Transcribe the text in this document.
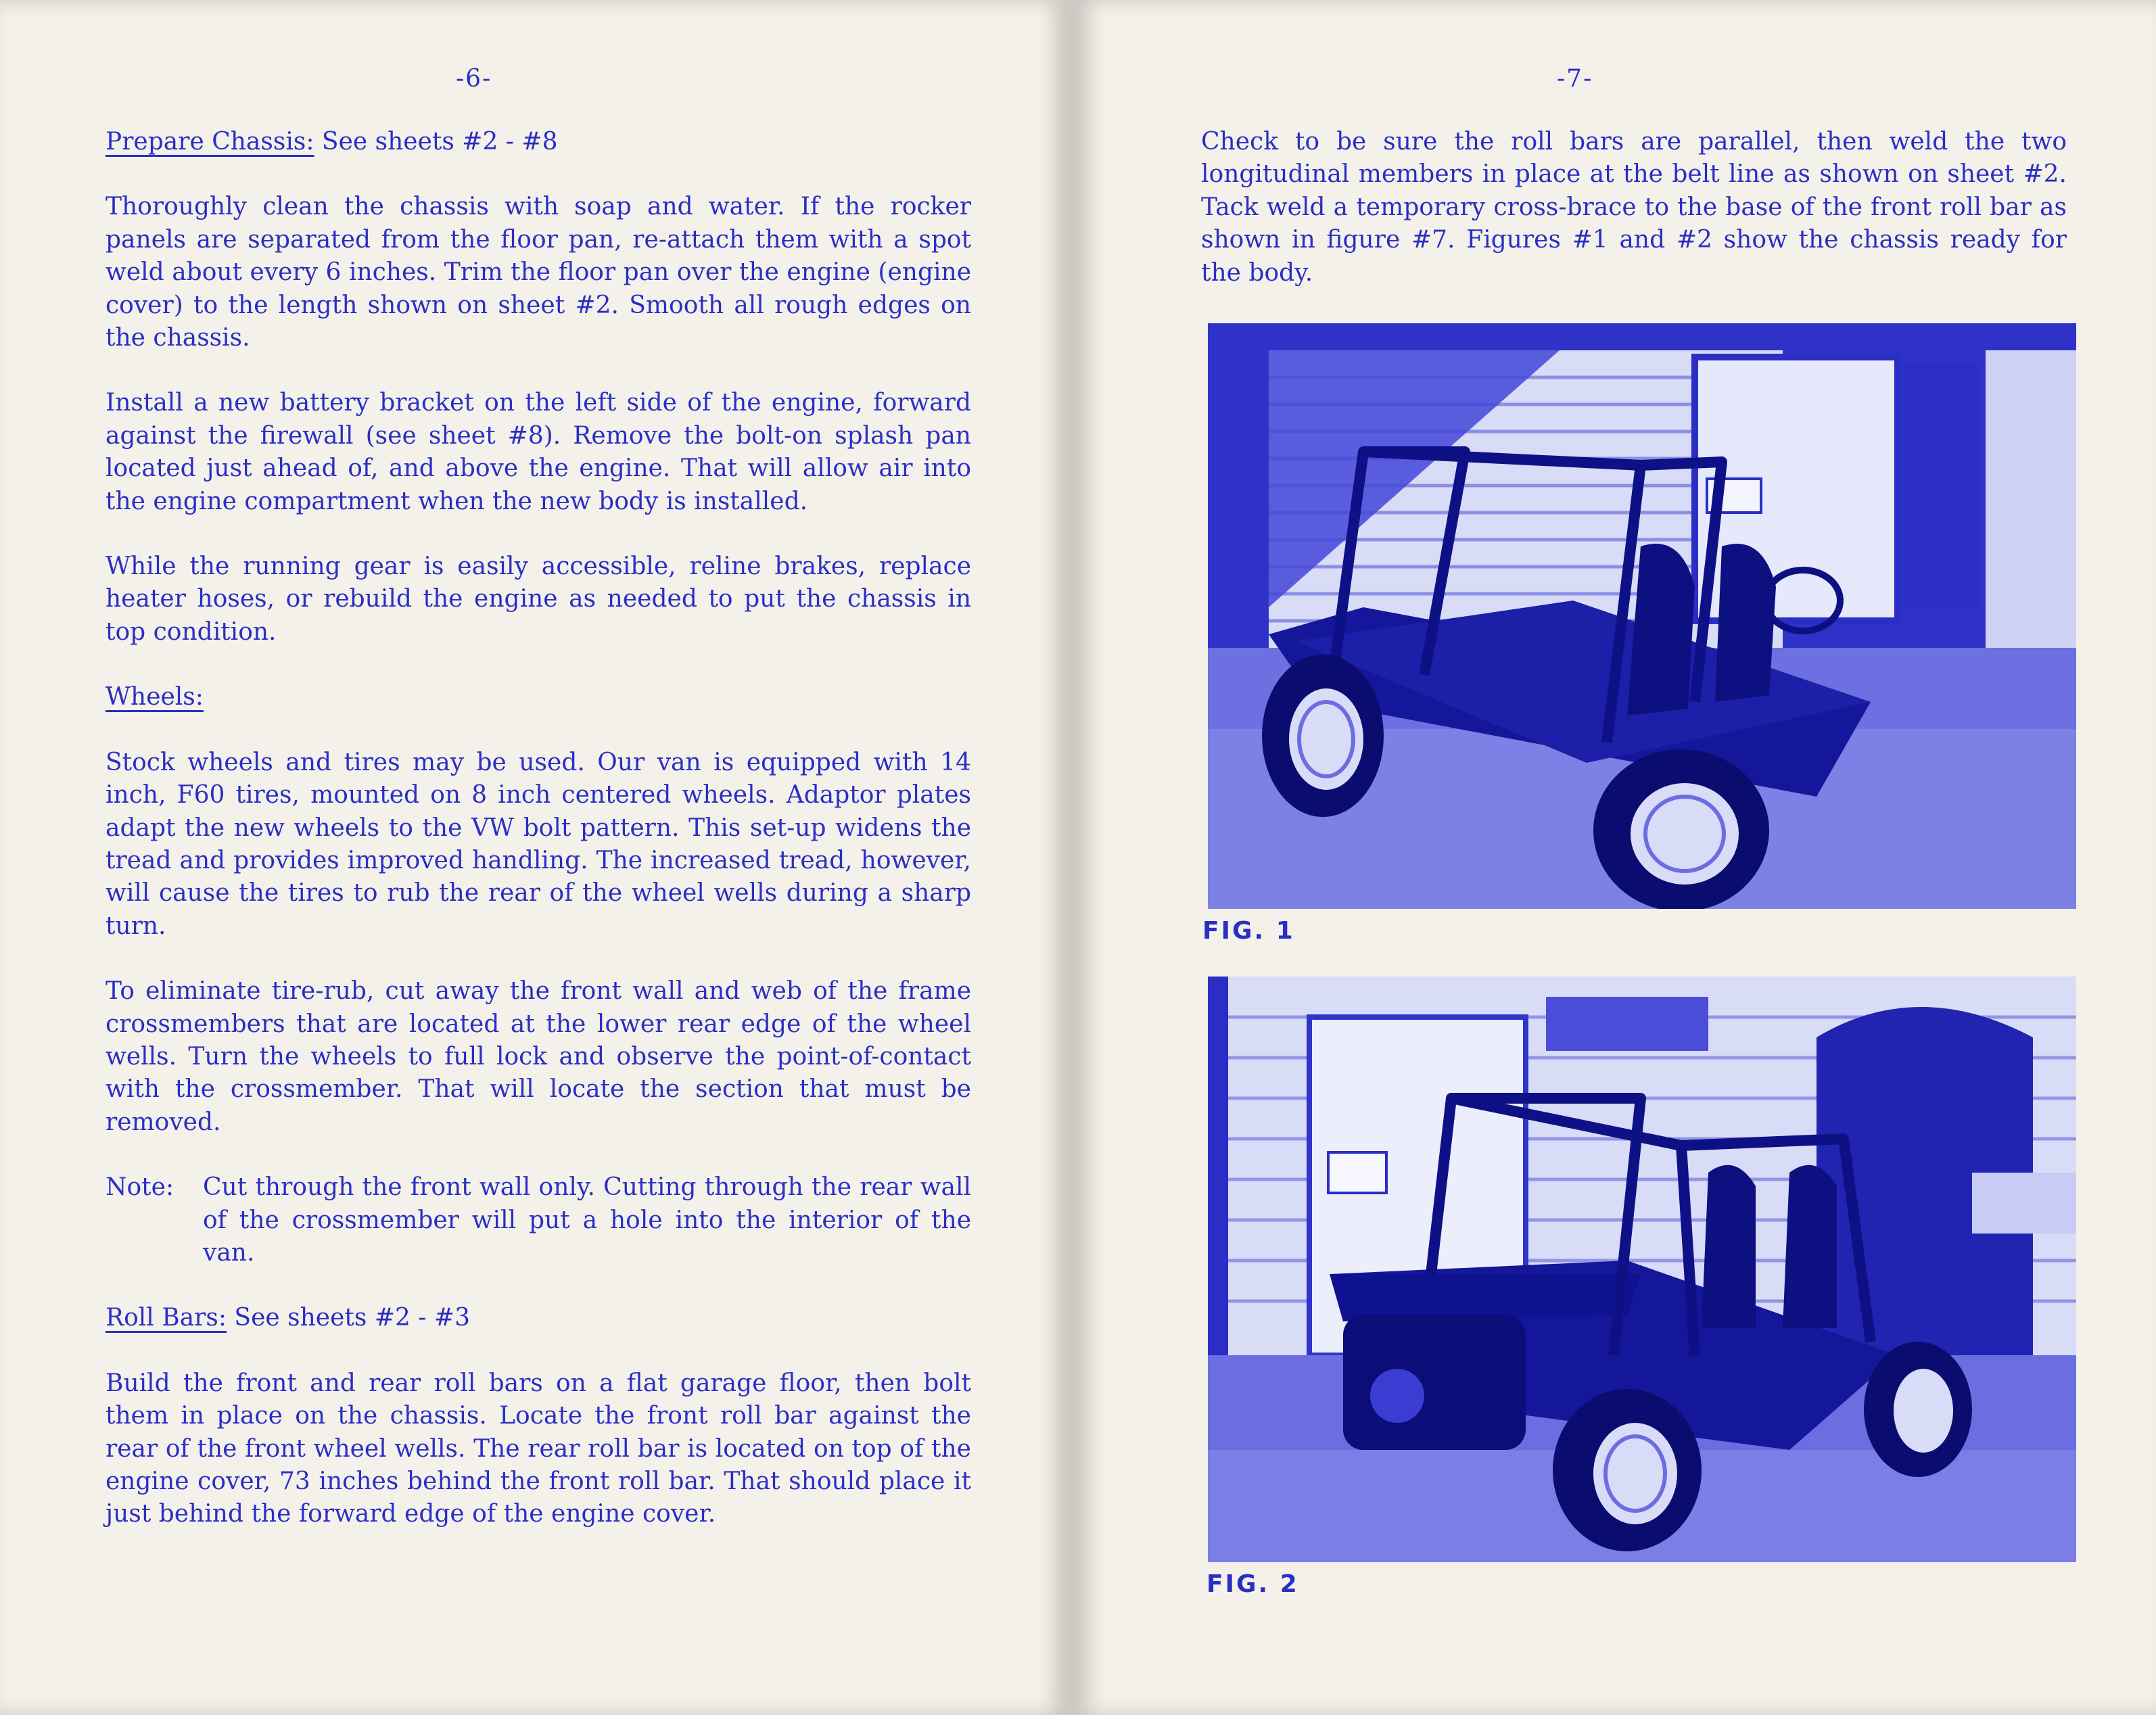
-6-

Prepare Chassis: See sheets #2 - #8

Thoroughly clean the chassis with soap and water. If the rocker panels are separated from the floor pan, re-attach them with a spot weld about every 6 inches. Trim the floor pan over the engine (engine cover) to the length shown on sheet #2. Smooth all rough edges on the chassis.

Install a new battery bracket on the left side of the engine, forward against the firewall (see sheet #8). Remove the bolt-on splash pan located just ahead of, and above the engine. That will allow air into the engine compartment when the new body is installed.

While the running gear is easily accessible, reline brakes, replace heater hoses, or rebuild the engine as needed to put the chassis in top condition.

Wheels:

Stock wheels and tires may be used. Our van is equipped with 14 inch, F60 tires, mounted on 8 inch centered wheels. Adaptor plates adapt the new wheels to the VW bolt pattern. This set-up widens the tread and provides improved handling. The increased tread, however, will cause the tires to rub the rear of the wheel wells during a sharp turn.

To eliminate tire-rub, cut away the front wall and web of the frame crossmembers that are located at the lower rear edge of the wheel wells. Turn the wheels to full lock and observe the point-of-contact with the crossmember. That will locate the section that must be removed.

Note:	Cut through the front wall only. Cutting through the rear wall of the crossmember will put a hole into the interior of the van.

Roll Bars: See sheets #2 - #3

Build the front and rear roll bars on a flat garage floor, then bolt them in place on the chassis. Locate the front roll bar against the rear of the front wheel wells. The rear roll bar is located on top of the engine cover, 73 inches behind the front roll bar. That should place it just behind the forward edge of the engine cover.

-7-

Check to be sure the roll bars are parallel, then weld the two longitudinal members in place at the belt line as shown on sheet #2. Tack weld a temporary cross-brace to the base of the front roll bar as shown in figure #7. Figures #1 and #2 show the chassis ready for the body.

FIG. 1
FIG. 2
